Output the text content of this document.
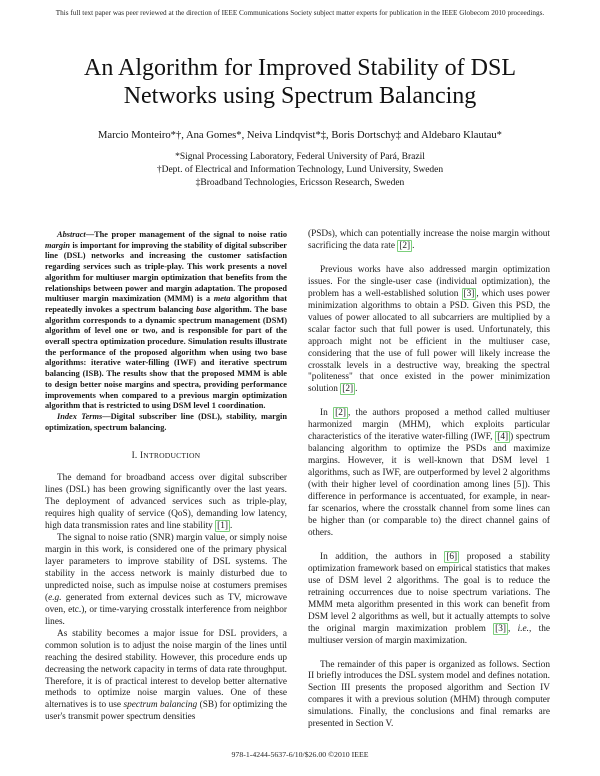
This full text paper was peer reviewed at the direction of IEEE Communications Society subject matter experts for publication in the IEEE Globecom 2010 proceedings.
An Algorithm for Improved Stability of DSL Networks using Spectrum Balancing
Marcio Monteiro*†, Ana Gomes*, Neiva Lindqvist*‡, Boris Dortschy‡ and Aldebaro Klautau*
*Signal Processing Laboratory, Federal University of Pará, Brazil
†Dept. of Electrical and Information Technology, Lund University, Sweden
‡Broadband Technologies, Ericsson Research, Sweden

Abstract—The proper management of the signal to noise ratio margin is important for improving the stability of digital subscriber line (DSL) networks and increasing the customer satisfaction regarding services such as triple-play. This work presents a novel algorithm for multiuser margin optimization that benefits from the relationships between power and margin adaptation. The proposed multiuser margin maximization (MMM) is a meta algorithm that repeatedly invokes a spectrum balancing base algorithm. The base algorithm corresponds to a dynamic spectrum management (DSM) algorithm of level one or two, and is responsible for part of the overall spectra optimization procedure. Simulation results illustrate the performance of the proposed algorithm when using two base algorithms: iterative water-filling (IWF) and iterative spectrum balancing (ISB). The results show that the proposed MMM is able to design better noise margins and spectra, providing performance improvements when compared to a previous margin optimization algorithm that is restricted to using DSM level 1 coordination.

Index Terms—Digital subscriber line (DSL), stability, margin optimization, spectrum balancing.

I. INTRODUCTION

The demand for broadband access over digital subscriber lines (DSL) has been growing significantly over the last years. The deployment of advanced services such as triple-play, requires high quality of service (QoS), demanding low latency, high data transmission rates and line stability [1] .

The signal to noise ratio (SNR) margin value, or simply noise margin in this work, is considered one of the primary physical layer parameters to improve stability of DSL systems. The stability in the access network is mainly disturbed due to unpredicted noise, such as impulse noise at costumers premises (e.g. generated from external devices such as TV, microwave oven, etc.), or time-varying crosstalk interference from neighbor lines.

As stability becomes a major issue for DSL providers, a common solution is to adjust the noise margin of the lines until reaching the desired stability. However, this procedure ends up decreasing the network capacity in terms of data rate throughput. Therefore, it is of practical interest to develop better alternative methods to optimize noise margin values. One of these alternatives is to use spectrum balancing (SB) for optimizing the user's transmit power spectrum densities

(PSDs), which can potentially increase the noise margin without sacrificing the data rate [2] .

Previous works have also addressed margin optimization issues. For the single-user case (individual optimization), the problem has a well-established solution [3] , which uses power minimization algorithms to obtain a PSD. Given this PSD, the values of power allocated to all subcarriers are multiplied by a scalar factor such that full power is used. Unfortunately, this approach might not be efficient in the multiuser case, considering that the use of full power will likely increase the crosstalk levels in a destructive way, breaking the spectral "politeness" that once existed in the power minimization solution [2] .

In [2] , the authors proposed a method called multiuser harmonized margin (MHM), which exploits particular characteristics of the iterative water-filling (IWF, [4] ) spectrum balancing algorithm to optimize the PSDs and maximize margins. However, it is well-known that DSM level 1 algorithms, such as IWF, are outperformed by level 2 algorithms (with their higher level of coordination among lines [5]). This difference in performance is accentuated, for example, in near-far scenarios, where the crosstalk channel from some lines can be higher than (or comparable to) the direct channel gains of others.

In addition, the authors in [6] proposed a stability optimization framework based on empirical statistics that makes use of DSM level 2 algorithms. The goal is to reduce the retraining occurrences due to noise spectrum variations. The MMM meta algorithm presented in this work can benefit from DSM level 2 algorithms as well, but it actually attempts to solve the original margin maximization problem [3] , i.e., the multiuser version of margin maximization.

The remainder of this paper is organized as follows. Section II briefly introduces the DSL system model and defines notation. Section III presents the proposed algorithm and Section IV compares it with a previous solution (MHM) through computer simulations. Finally, the conclusions and final remarks are presented in Section V.

978-1-4244-5637-6/10/$26.00 ©2010 IEEE
